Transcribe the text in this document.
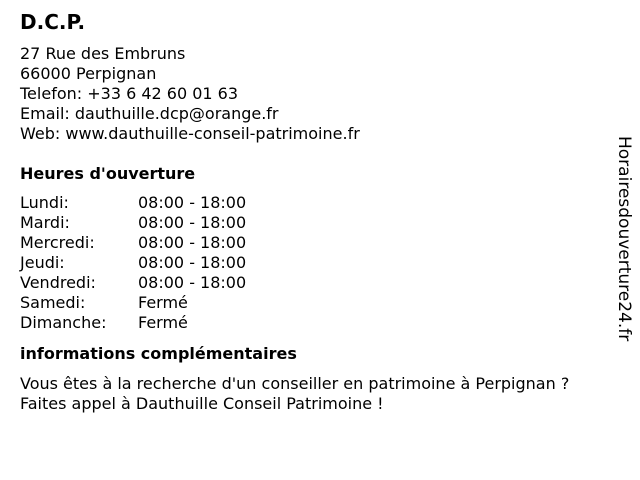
D.C.P.
27 Rue des Embruns
66000 Perpignan
Telefon: +33 6 42 60 01 63
Email: dauthuille.dcp@orange.fr
Web: www.dauthuille-conseil-patrimoine.fr
Heures d'ouverture
Lundi:	08:00 - 18:00
Mardi:	08:00 - 18:00
Mercredi:	08:00 - 18:00
Jeudi:	08:00 - 18:00
Vendredi:	08:00 - 18:00
Samedi:	Fermé
Dimanche:	Fermé
informations complémentaires
Vous êtes à la recherche d'un conseiller en patrimoine à Perpignan ?
Faites appel à Dauthuille Conseil Patrimoine !
Horairesdouverture24.fr
